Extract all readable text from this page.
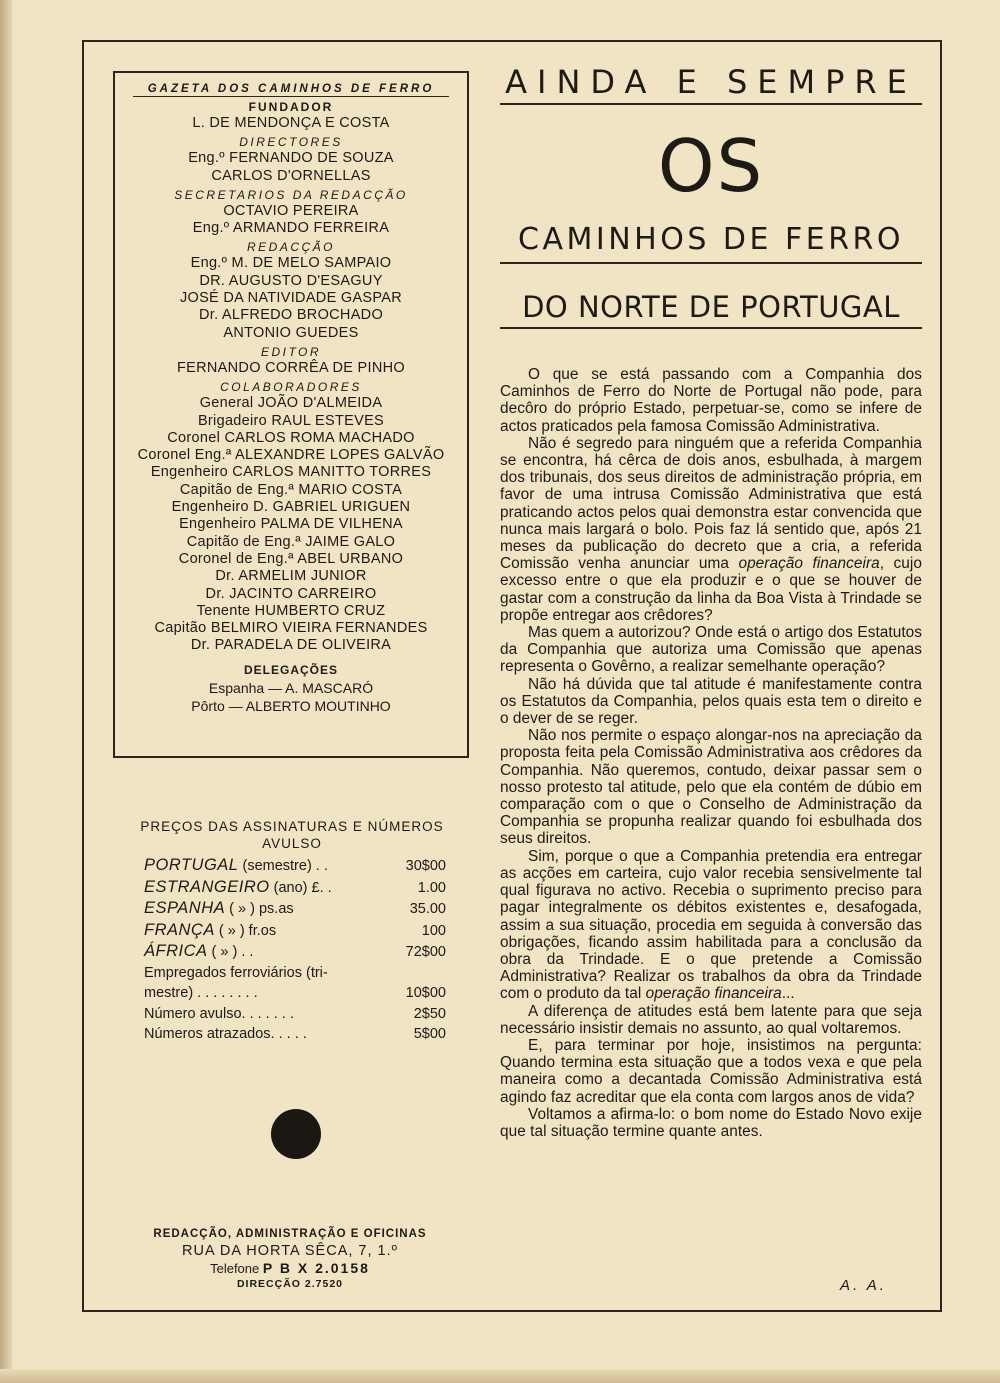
GAZETA DOS CAMINHOS DE FERRO
FUNDADOR
L. DE MENDONÇA E COSTA
DIRECTORES
Eng.º FERNANDO DE SOUZA
CARLOS D'ORNELLAS
SECRETARIOS DA REDACÇÃO
OCTAVIO PEREIRA
Eng.º ARMANDO FERREIRA
REDACÇÃO
Eng.º M. DE MELO SAMPAIO
DR. AUGUSTO D'ESAGUY
JOSÉ DA NATIVIDADE GASPAR
Dr. ALFREDO BROCHADO
ANTONIO GUEDES
EDITOR
FERNANDO CORRÊA DE PINHO
COLABORADORES
General JOÃO D'ALMEIDA
Brigadeiro RAUL ESTEVES
Coronel CARLOS ROMA MACHADO
Coronel Eng.ª ALEXANDRE LOPES GALVÃO
Engenheiro CARLOS MANITTO TORRES
Capitão de Eng.ª MARIO COSTA
Engenheiro D. GABRIEL URIGUEN
Engenheiro PALMA DE VILHENA
Capitão de Eng.ª JAIME GALO
Coronel de Eng.ª ABEL URBANO
Dr. ARMELIM JUNIOR
Dr. JACINTO CARREIRO
Tenente HUMBERTO CRUZ
Capitão BELMIRO VIEIRA FERNANDES
Dr. PARADELA DE OLIVEIRA
DELEGAÇÕES
Espanha — A. MASCARÓ
Pôrto — ALBERTO MOUTINHO
PREÇOS DAS ASSINATURAS E NÚMEROS AVULSO
PORTUGAL (semestre) . .	30$00
ESTRANGEIRO (ano) £. .	1.00
ESPANHA ( » ) ps.as	35.00
FRANÇA ( » ) fr.os	100
ÁFRICA ( » ) . .	72$00
Empregados ferroviários (tri-
mestre) . . . . . . . .	10$00
Número avulso. . . . . . .	2$50
Números atrazados. . . . .	5$00
REDACÇÃO, ADMINISTRAÇÃO E OFICINAS
RUA DA HORTA SÊCA, 7, 1.º
Telefone P B X 2.0158
DIRECÇÃO 2.7520
AINDA E SEMPRE
OS
CAMINHOS DE FERRO
DO NORTE DE PORTUGAL

O que se está passando com a Companhia dos Caminhos de Ferro do Norte de Portugal não pode, para decôro do próprio Estado, perpetuar-se, como se infere de actos praticados pela famosa Comissão Administrativa.

Não é segredo para ninguém que a referida Companhia se encontra, há cêrca de dois anos, esbulhada, à margem dos tribunais, dos seus direitos de administração própria, em favor de uma intrusa Comissão Administrativa que está praticando actos pelos quai demonstra estar convencida que nunca mais largará o bolo. Pois faz lá sentido que, após 21 meses da publicação do decreto que a cria, a referida Comissão venha anunciar uma operação financeira, cujo excesso entre o que ela produzir e o que se houver de gastar com a construção da linha da Boa Vista à Trindade se propõe entregar aos crêdores?

Mas quem a autorizou? Onde está o artigo dos Estatutos da Companhia que autoriza uma Comissão que apenas representa o Govêrno, a realizar semelhante operação?

Não há dúvida que tal atitude é manifestamente contra os Estatutos da Companhia, pelos quais esta tem o direito e o dever de se reger.

Não nos permite o espaço alongar-nos na apreciação da proposta feita pela Comissão Administrativa aos crêdores da Companhia. Não queremos, contudo, deixar passar sem o nosso protesto tal atitude, pelo que ela contém de dúbio em comparação com o que o Conselho de Administração da Companhia se propunha realizar quando foi esbulhada dos seus direitos.

Sim, porque o que a Companhia pretendia era entregar as acções em carteira, cujo valor recebia sensivelmente tal qual figurava no activo. Recebia o suprimento preciso para pagar integralmente os débitos existentes e, desafogada, assim a sua situação, procedia em seguida à conversão das obrigações, ficando assim habilitada para a conclusão da obra da Trindade. E o que pretende a Comissão Administrativa? Realizar os trabalhos da obra da Trindade com o produto da tal operação financeira...

A diferença de atitudes está bem latente para que seja necessário insistir demais no assunto, ao qual voltaremos.

E, para terminar por hoje, insistimos na pergunta: Quando termina esta situação que a todos vexa e que pela maneira como a decantada Comissão Administrativa está agindo faz acreditar que ela conta com largos anos de vida?

Voltamos a afirma-lo: o bom nome do Estado Novo exije que tal situação termine quante antes.

A. A.
